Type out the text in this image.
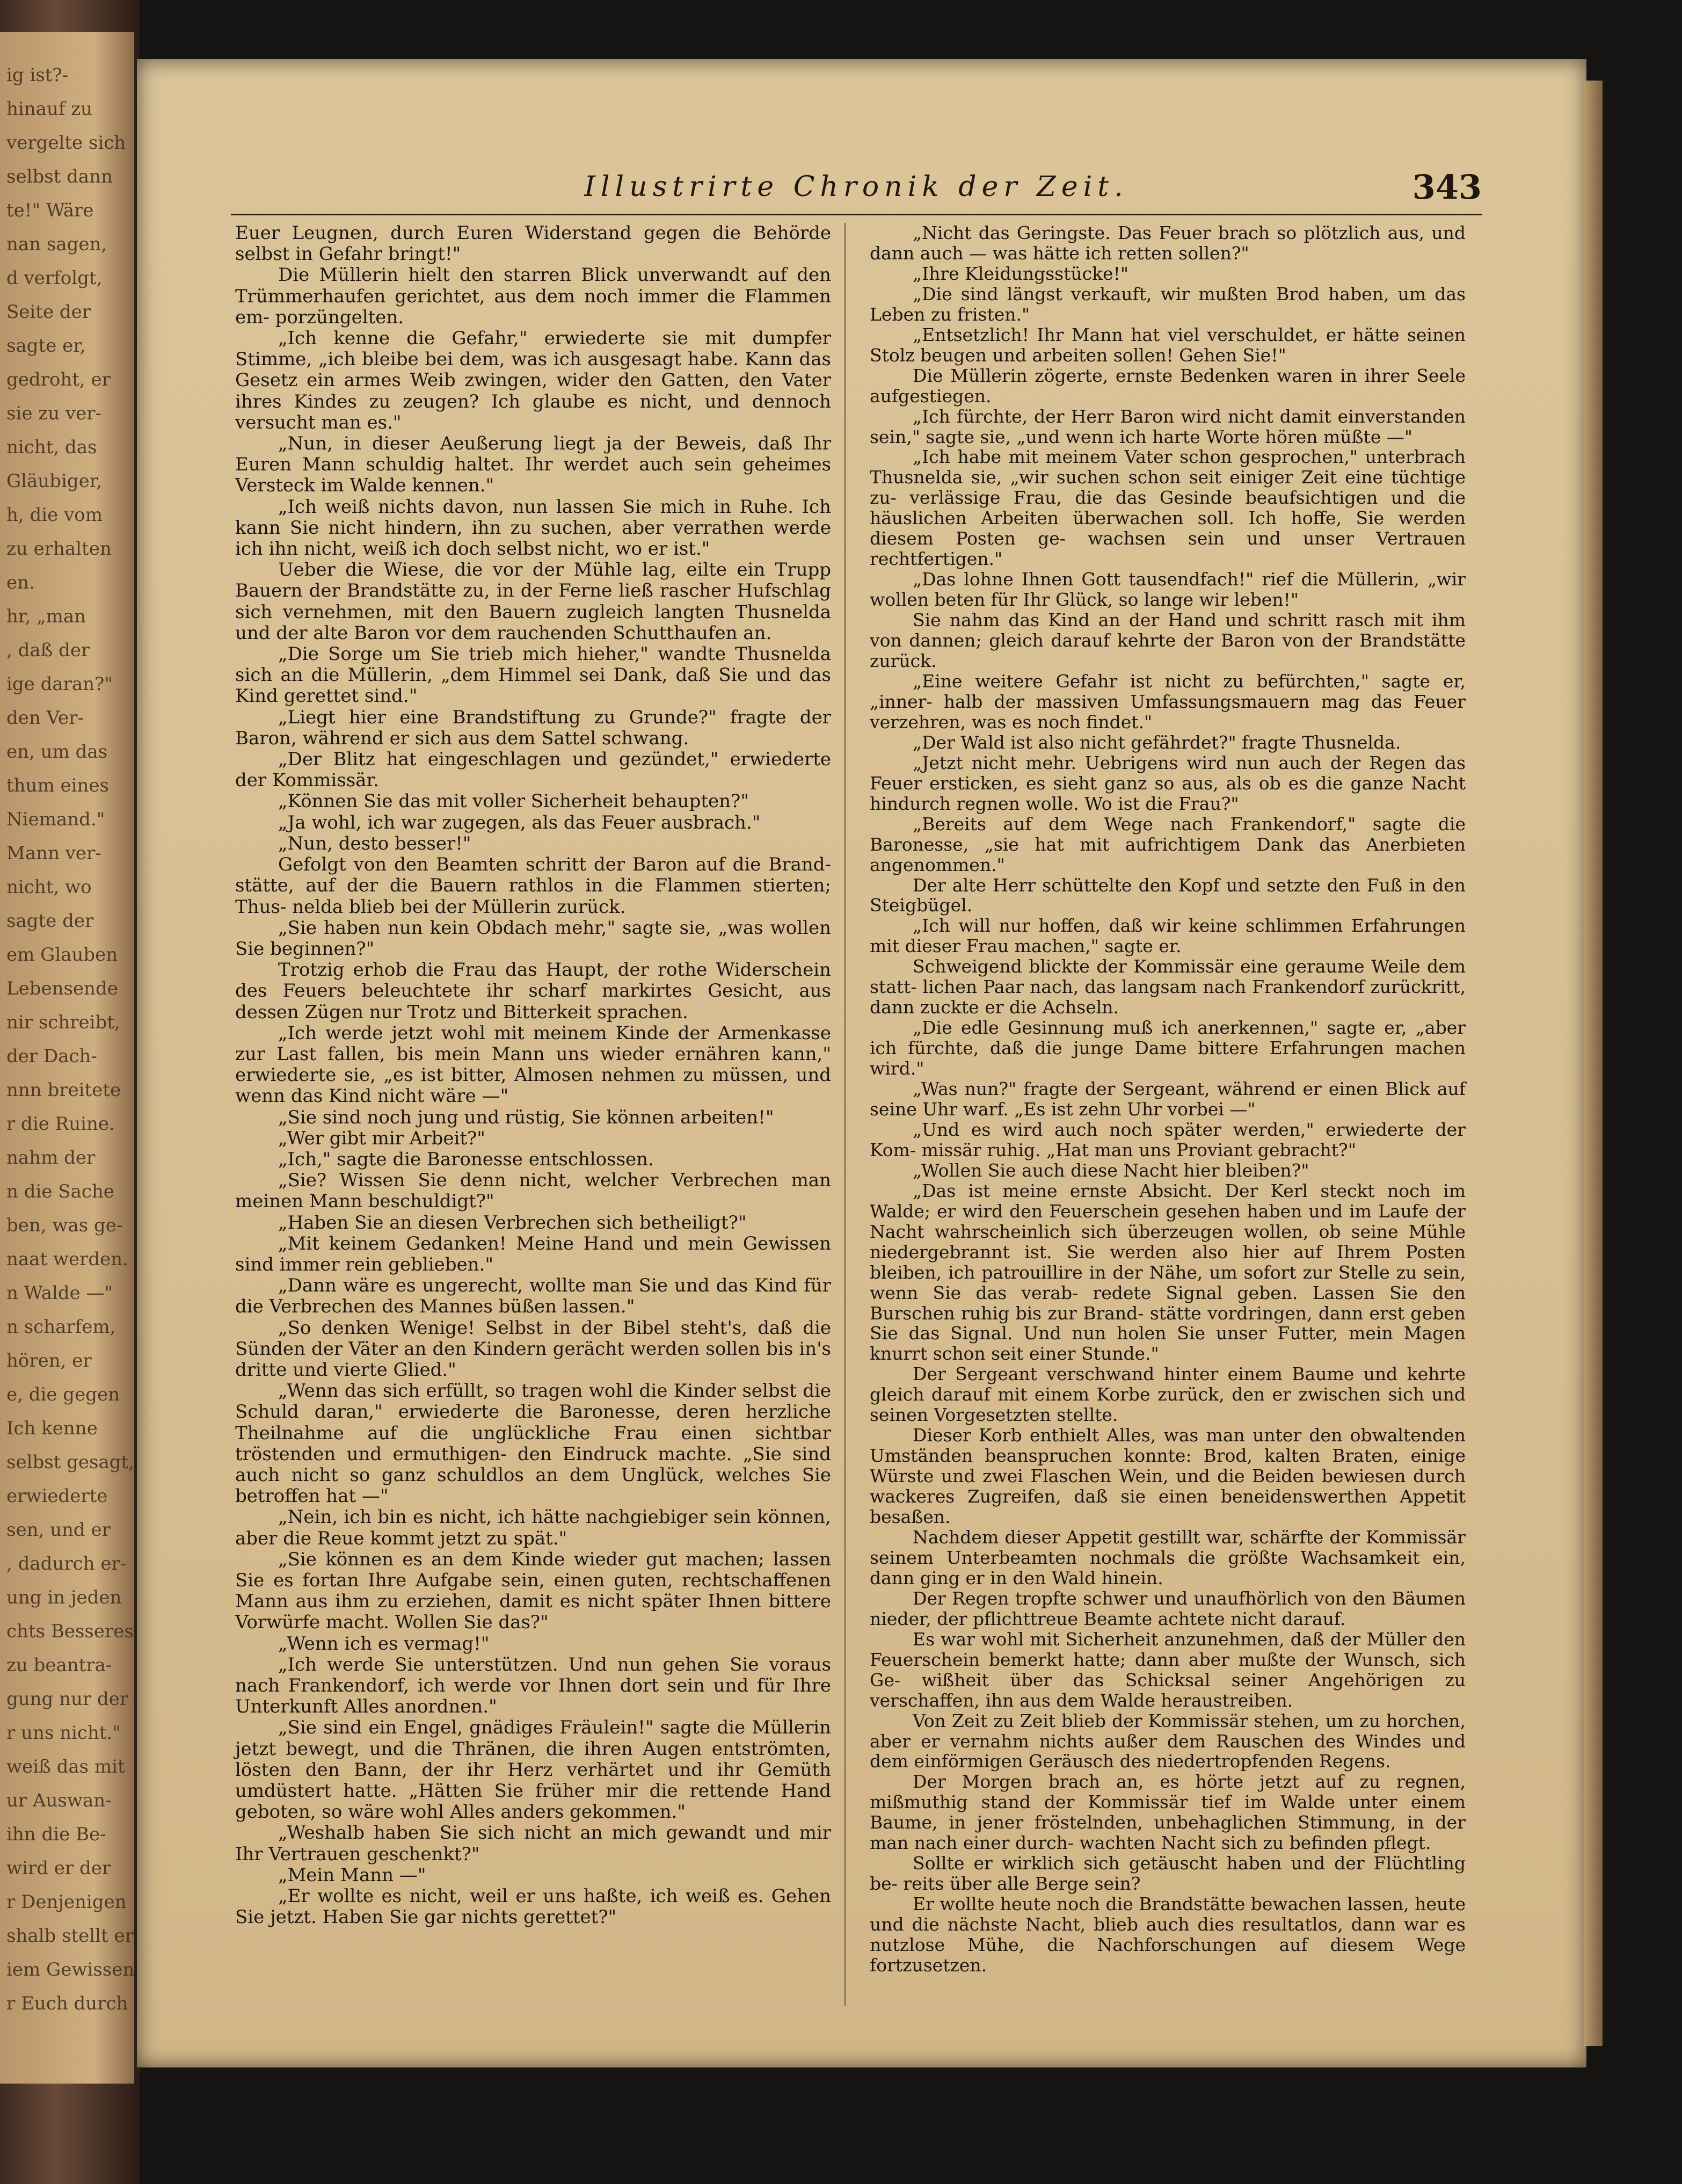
ig ist?-
hinauf zu
vergelte sich
selbst dann
te!" Wäre
nan sagen,
d verfolgt,
Seite der
sagte er,
gedroht, er
sie zu ver-
nicht, das
Gläubiger,
h, die vom
zu erhalten
en.
hr, „man
, daß der
ige daran?"
den Ver-
en, um das
thum eines
Niemand."
Mann ver-
nicht, wo
sagte der
em Glauben
Lebensende
nir schreibt,
der Dach-
nnn breitete
r die Ruine.
nahm der
n die Sache
ben, was ge-
naat werden.
n Walde —"
n scharfem,
hören, er
e, die gegen
Ich kenne
selbst gesagt,
erwiederte
sen, und er
, dadurch er-
ung in jeden
chts Besseres
zu beantra-
gung nur der
r uns nicht."
weiß das mit
ur Auswan-
ihn die Be-
wird er der
r Denjenigen
shalb stellt er
iem Gewissen
r Euch durch
Illustrirte Chronik der Zeit.	343

Euer Leugnen, durch Euren Widerstand gegen die Behörde selbst in Gefahr bringt!"

Die Müllerin hielt den starren Blick unverwandt auf den Trümmerhaufen gerichtet, aus dem noch immer die Flammen em- porzüngelten.

„Ich kenne die Gefahr," erwiederte sie mit dumpfer Stimme, „ich bleibe bei dem, was ich ausgesagt habe. Kann das Gesetz ein armes Weib zwingen, wider den Gatten, den Vater ihres Kindes zu zeugen? Ich glaube es nicht, und dennoch versucht man es."

„Nun, in dieser Aeußerung liegt ja der Beweis, daß Ihr Euren Mann schuldig haltet. Ihr werdet auch sein geheimes Versteck im Walde kennen."

„Ich weiß nichts davon, nun lassen Sie mich in Ruhe. Ich kann Sie nicht hindern, ihn zu suchen, aber verrathen werde ich ihn nicht, weiß ich doch selbst nicht, wo er ist."

Ueber die Wiese, die vor der Mühle lag, eilte ein Trupp Bauern der Brandstätte zu, in der Ferne ließ rascher Hufschlag sich vernehmen, mit den Bauern zugleich langten Thusnelda und der alte Baron vor dem rauchenden Schutthaufen an.

„Die Sorge um Sie trieb mich hieher," wandte Thusnelda sich an die Müllerin, „dem Himmel sei Dank, daß Sie und das Kind gerettet sind."

„Liegt hier eine Brandstiftung zu Grunde?" fragte der Baron, während er sich aus dem Sattel schwang.

„Der Blitz hat eingeschlagen und gezündet," erwiederte der Kommissär.

„Können Sie das mit voller Sicherheit behaupten?"

„Ja wohl, ich war zugegen, als das Feuer ausbrach."

„Nun, desto besser!"

Gefolgt von den Beamten schritt der Baron auf die Brand- stätte, auf der die Bauern rathlos in die Flammen stierten; Thus- nelda blieb bei der Müllerin zurück.

„Sie haben nun kein Obdach mehr," sagte sie, „was wollen Sie beginnen?"

Trotzig erhob die Frau das Haupt, der rothe Widerschein des Feuers beleuchtete ihr scharf markirtes Gesicht, aus dessen Zügen nur Trotz und Bitterkeit sprachen.

„Ich werde jetzt wohl mit meinem Kinde der Armenkasse zur Last fallen, bis mein Mann uns wieder ernähren kann," erwiederte sie, „es ist bitter, Almosen nehmen zu müssen, und wenn das Kind nicht wäre —"

„Sie sind noch jung und rüstig, Sie können arbeiten!"

„Wer gibt mir Arbeit?"

„Ich," sagte die Baronesse entschlossen.

„Sie? Wissen Sie denn nicht, welcher Verbrechen man meinen Mann beschuldigt?"

„Haben Sie an diesen Verbrechen sich betheiligt?"

„Mit keinem Gedanken! Meine Hand und mein Gewissen sind immer rein geblieben."

„Dann wäre es ungerecht, wollte man Sie und das Kind für die Verbrechen des Mannes büßen lassen."

„So denken Wenige! Selbst in der Bibel steht's, daß die Sünden der Väter an den Kindern gerächt werden sollen bis in's dritte und vierte Glied."

„Wenn das sich erfüllt, so tragen wohl die Kinder selbst die Schuld daran," erwiederte die Baronesse, deren herzliche Theilnahme auf die unglückliche Frau einen sichtbar tröstenden und ermuthigen- den Eindruck machte. „Sie sind auch nicht so ganz schuldlos an dem Unglück, welches Sie betroffen hat —"

„Nein, ich bin es nicht, ich hätte nachgiebiger sein können, aber die Reue kommt jetzt zu spät."

„Sie können es an dem Kinde wieder gut machen; lassen Sie es fortan Ihre Aufgabe sein, einen guten, rechtschaffenen Mann aus ihm zu erziehen, damit es nicht später Ihnen bittere Vorwürfe macht. Wollen Sie das?"

„Wenn ich es vermag!"

„Ich werde Sie unterstützen. Und nun gehen Sie voraus nach Frankendorf, ich werde vor Ihnen dort sein und für Ihre Unterkunft Alles anordnen."

„Sie sind ein Engel, gnädiges Fräulein!" sagte die Müllerin jetzt bewegt, und die Thränen, die ihren Augen entströmten, lösten den Bann, der ihr Herz verhärtet und ihr Gemüth umdüstert hatte. „Hätten Sie früher mir die rettende Hand geboten, so wäre wohl Alles anders gekommen."

„Weshalb haben Sie sich nicht an mich gewandt und mir Ihr Vertrauen geschenkt?"

„Mein Mann —"

„Er wollte es nicht, weil er uns haßte, ich weiß es. Gehen Sie jetzt. Haben Sie gar nichts gerettet?"

„Nicht das Geringste. Das Feuer brach so plötzlich aus, und dann auch — was hätte ich retten sollen?"

„Ihre Kleidungsstücke!"

„Die sind längst verkauft, wir mußten Brod haben, um das Leben zu fristen."

„Entsetzlich! Ihr Mann hat viel verschuldet, er hätte seinen Stolz beugen und arbeiten sollen! Gehen Sie!"

Die Müllerin zögerte, ernste Bedenken waren in ihrer Seele aufgestiegen.

„Ich fürchte, der Herr Baron wird nicht damit einverstanden sein," sagte sie, „und wenn ich harte Worte hören müßte —"

„Ich habe mit meinem Vater schon gesprochen," unterbrach Thusnelda sie, „wir suchen schon seit einiger Zeit eine tüchtige zu- verlässige Frau, die das Gesinde beaufsichtigen und die häuslichen Arbeiten überwachen soll. Ich hoffe, Sie werden diesem Posten ge- wachsen sein und unser Vertrauen rechtfertigen."

„Das lohne Ihnen Gott tausendfach!" rief die Müllerin, „wir wollen beten für Ihr Glück, so lange wir leben!"

Sie nahm das Kind an der Hand und schritt rasch mit ihm von dannen; gleich darauf kehrte der Baron von der Brandstätte zurück.

„Eine weitere Gefahr ist nicht zu befürchten," sagte er, „inner- halb der massiven Umfassungsmauern mag das Feuer verzehren, was es noch findet."

„Der Wald ist also nicht gefährdet?" fragte Thusnelda.

„Jetzt nicht mehr. Uebrigens wird nun auch der Regen das Feuer ersticken, es sieht ganz so aus, als ob es die ganze Nacht hindurch regnen wolle. Wo ist die Frau?"

„Bereits auf dem Wege nach Frankendorf," sagte die Baronesse, „sie hat mit aufrichtigem Dank das Anerbieten angenommen."

Der alte Herr schüttelte den Kopf und setzte den Fuß in den Steigbügel.

„Ich will nur hoffen, daß wir keine schlimmen Erfahrungen mit dieser Frau machen," sagte er.

Schweigend blickte der Kommissär eine geraume Weile dem statt- lichen Paar nach, das langsam nach Frankendorf zurückritt, dann zuckte er die Achseln.

„Die edle Gesinnung muß ich anerkennen," sagte er, „aber ich fürchte, daß die junge Dame bittere Erfahrungen machen wird."

„Was nun?" fragte der Sergeant, während er einen Blick auf seine Uhr warf. „Es ist zehn Uhr vorbei —"

„Und es wird auch noch später werden," erwiederte der Kom- missär ruhig. „Hat man uns Proviant gebracht?"

„Wollen Sie auch diese Nacht hier bleiben?"

„Das ist meine ernste Absicht. Der Kerl steckt noch im Walde; er wird den Feuerschein gesehen haben und im Laufe der Nacht wahrscheinlich sich überzeugen wollen, ob seine Mühle niedergebrannt ist. Sie werden also hier auf Ihrem Posten bleiben, ich patrouillire in der Nähe, um sofort zur Stelle zu sein, wenn Sie das verab- redete Signal geben. Lassen Sie den Burschen ruhig bis zur Brand- stätte vordringen, dann erst geben Sie das Signal. Und nun holen Sie unser Futter, mein Magen knurrt schon seit einer Stunde."

Der Sergeant verschwand hinter einem Baume und kehrte gleich darauf mit einem Korbe zurück, den er zwischen sich und seinen Vorgesetzten stellte.

Dieser Korb enthielt Alles, was man unter den obwaltenden Umständen beanspruchen konnte: Brod, kalten Braten, einige Würste und zwei Flaschen Wein, und die Beiden bewiesen durch wackeres Zugreifen, daß sie einen beneidenswerthen Appetit besaßen.

Nachdem dieser Appetit gestillt war, schärfte der Kommissär seinem Unterbeamten nochmals die größte Wachsamkeit ein, dann ging er in den Wald hinein.

Der Regen tropfte schwer und unaufhörlich von den Bäumen nieder, der pflichttreue Beamte achtete nicht darauf.

Es war wohl mit Sicherheit anzunehmen, daß der Müller den Feuerschein bemerkt hatte; dann aber mußte der Wunsch, sich Ge- wißheit über das Schicksal seiner Angehörigen zu verschaffen, ihn aus dem Walde heraustreiben.

Von Zeit zu Zeit blieb der Kommissär stehen, um zu horchen, aber er vernahm nichts außer dem Rauschen des Windes und dem einförmigen Geräusch des niedertropfenden Regens.

Der Morgen brach an, es hörte jetzt auf zu regnen, mißmuthig stand der Kommissär tief im Walde unter einem Baume, in jener fröstelnden, unbehaglichen Stimmung, in der man nach einer durch- wachten Nacht sich zu befinden pflegt.

Sollte er wirklich sich getäuscht haben und der Flüchtling be- reits über alle Berge sein?

Er wollte heute noch die Brandstätte bewachen lassen, heute und die nächste Nacht, blieb auch dies resultatlos, dann war es nutzlose Mühe, die Nachforschungen auf diesem Wege fortzusetzen.
